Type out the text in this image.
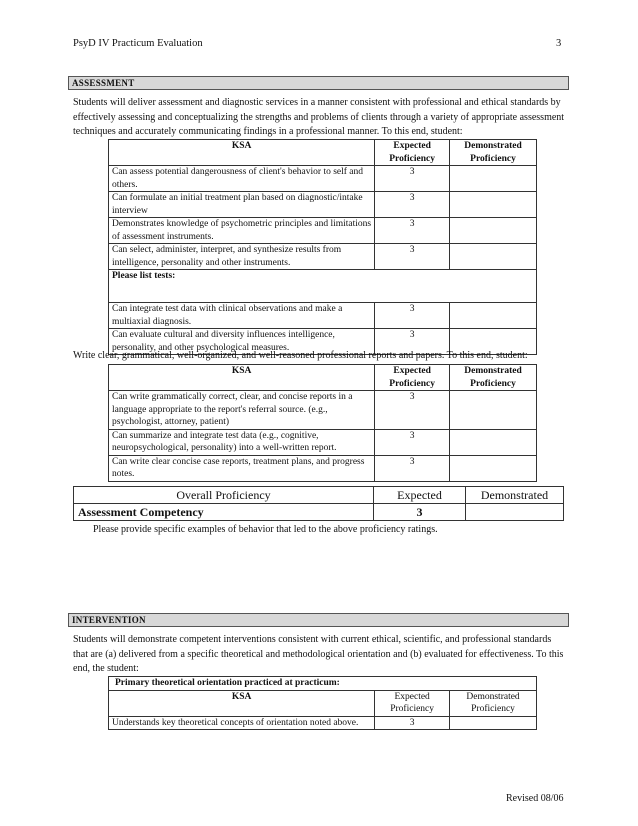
PsyD IV Practicum Evaluation	3
ASSESSMENT
Students will deliver assessment and diagnostic services in a manner consistent with professional and ethical standards by effectively assessing and conceptualizing the strengths and problems of clients through a variety of appropriate assessment techniques and accurately communicating findings in a professional manner. To this end, student:
KSA	Expected Proficiency	Demonstrated Proficiency
Can assess potential dangerousness of client's behavior to self and others.	3	
Can formulate an initial treatment plan based on diagnostic/intake interview	3	
Demonstrates knowledge of psychometric principles and limitations of assessment instruments.	3	
Can select, administer, interpret, and synthesize results from intelligence, personality and other instruments.	3	
Please list tests:		
Can integrate test data with clinical observations and make a multiaxial diagnosis.	3	
Can evaluate cultural and diversity influences intelligence, personality, and other psychological measures.	3	
Write clear, grammatical, well-organized, and well-reasoned professional reports and papers. To this end, student:
KSA	Expected Proficiency	Demonstrated Proficiency
Can write grammatically correct, clear, and concise reports in a language appropriate to the report's referral source. (e.g., psychologist, attorney, patient)	3	
Can summarize and integrate test data (e.g., cognitive, neuropsychological, personality) into a well-written report.	3	
Can write clear concise case reports, treatment plans, and progress notes.	3	
Overall Proficiency	Expected	Demonstrated
Assessment Competency	3	
Please provide specific examples of behavior that led to the above proficiency ratings.
INTERVENTION
Students will demonstrate competent interventions consistent with current ethical, scientific, and professional standards that are (a) delivered from a specific theoretical and methodological orientation and (b) evaluated for effectiveness. To this end, the student:
Primary theoretical orientation practiced at practicum:		
KSA	Expected Proficiency	Demonstrated Proficiency
Understands key theoretical concepts of orientation noted above.	3	
Revised 08/06
